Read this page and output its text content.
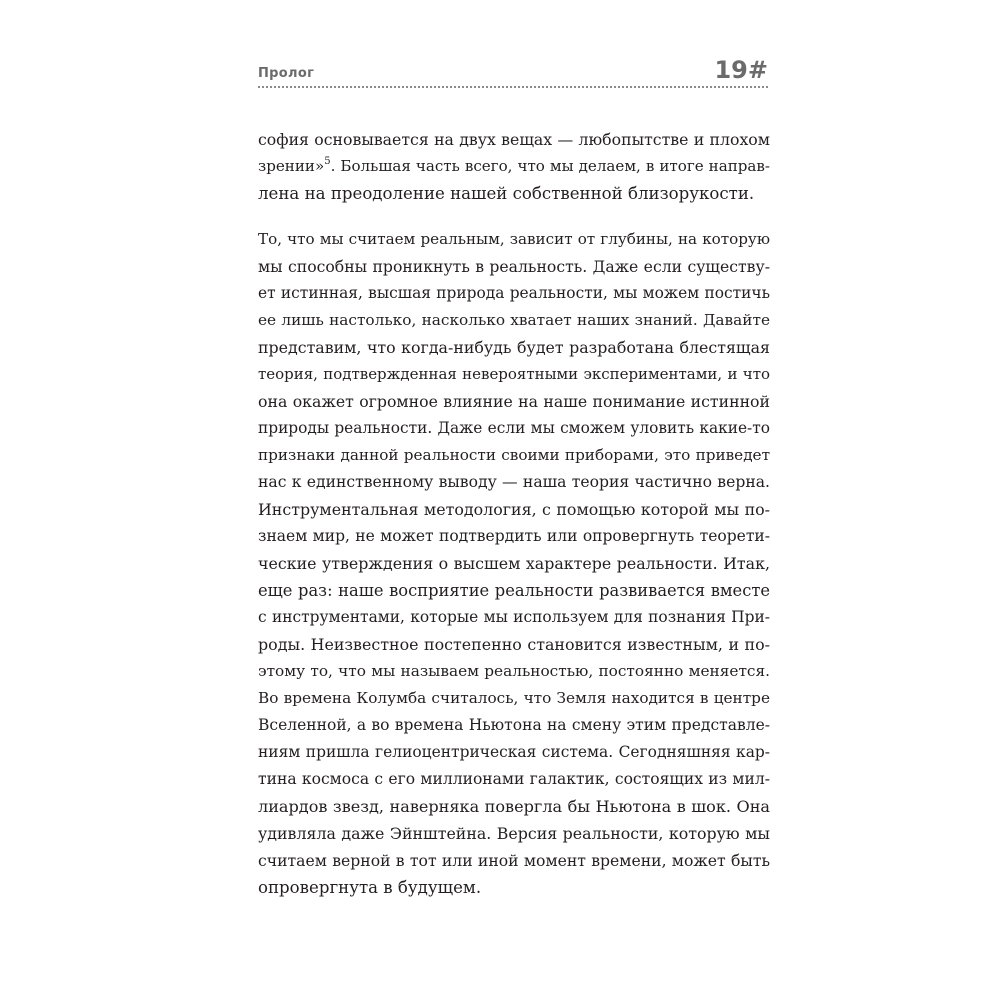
Пролог	19#
софия основывается на двух вещах — любопытстве и плохом
зрении»$^5$. Большая часть всего, что мы делаем, в итоге направ-
лена на преодоление нашей собственной близорукости.
То, что мы считаем реальным, зависит от глубины, на которую
мы способны проникнуть в реальность. Даже если существу-
ет истинная, высшая природа реальности, мы можем постичь
ее лишь настолько, насколько хватает наших знаний. Давайте
представим, что когда-нибудь будет разработана блестящая
теория, подтвержденная невероятными экспериментами, и что
она окажет огромное влияние на наше понимание истинной
природы реальности. Даже если мы сможем уловить какие-то
признаки данной реальности своими приборами, это приведет
нас к единственному выводу — наша теория частично верна.
Инструментальная методология, с помощью которой мы по-
знаем мир, не может подтвердить или опровергнуть теорети-
ческие утверждения о высшем характере реальности. Итак,
еще раз: наше восприятие реальности развивается вместе
с инструментами, которые мы используем для познания При-
роды. Неизвестное постепенно становится известным, и по-
этому то, что мы называем реальностью, постоянно меняется.
Во времена Колумба считалось, что Земля находится в центре
Вселенной, а во времена Ньютона на смену этим представле-
ниям пришла гелиоцентрическая система. Сегодняшняя кар-
тина космоса с его миллионами галактик, состоящих из мил-
лиардов звезд, наверняка повергла бы Ньютона в шок. Она
удивляла даже Эйнштейна. Версия реальности, которую мы
считаем верной в тот или иной момент времени, может быть
опровергнута в будущем.
